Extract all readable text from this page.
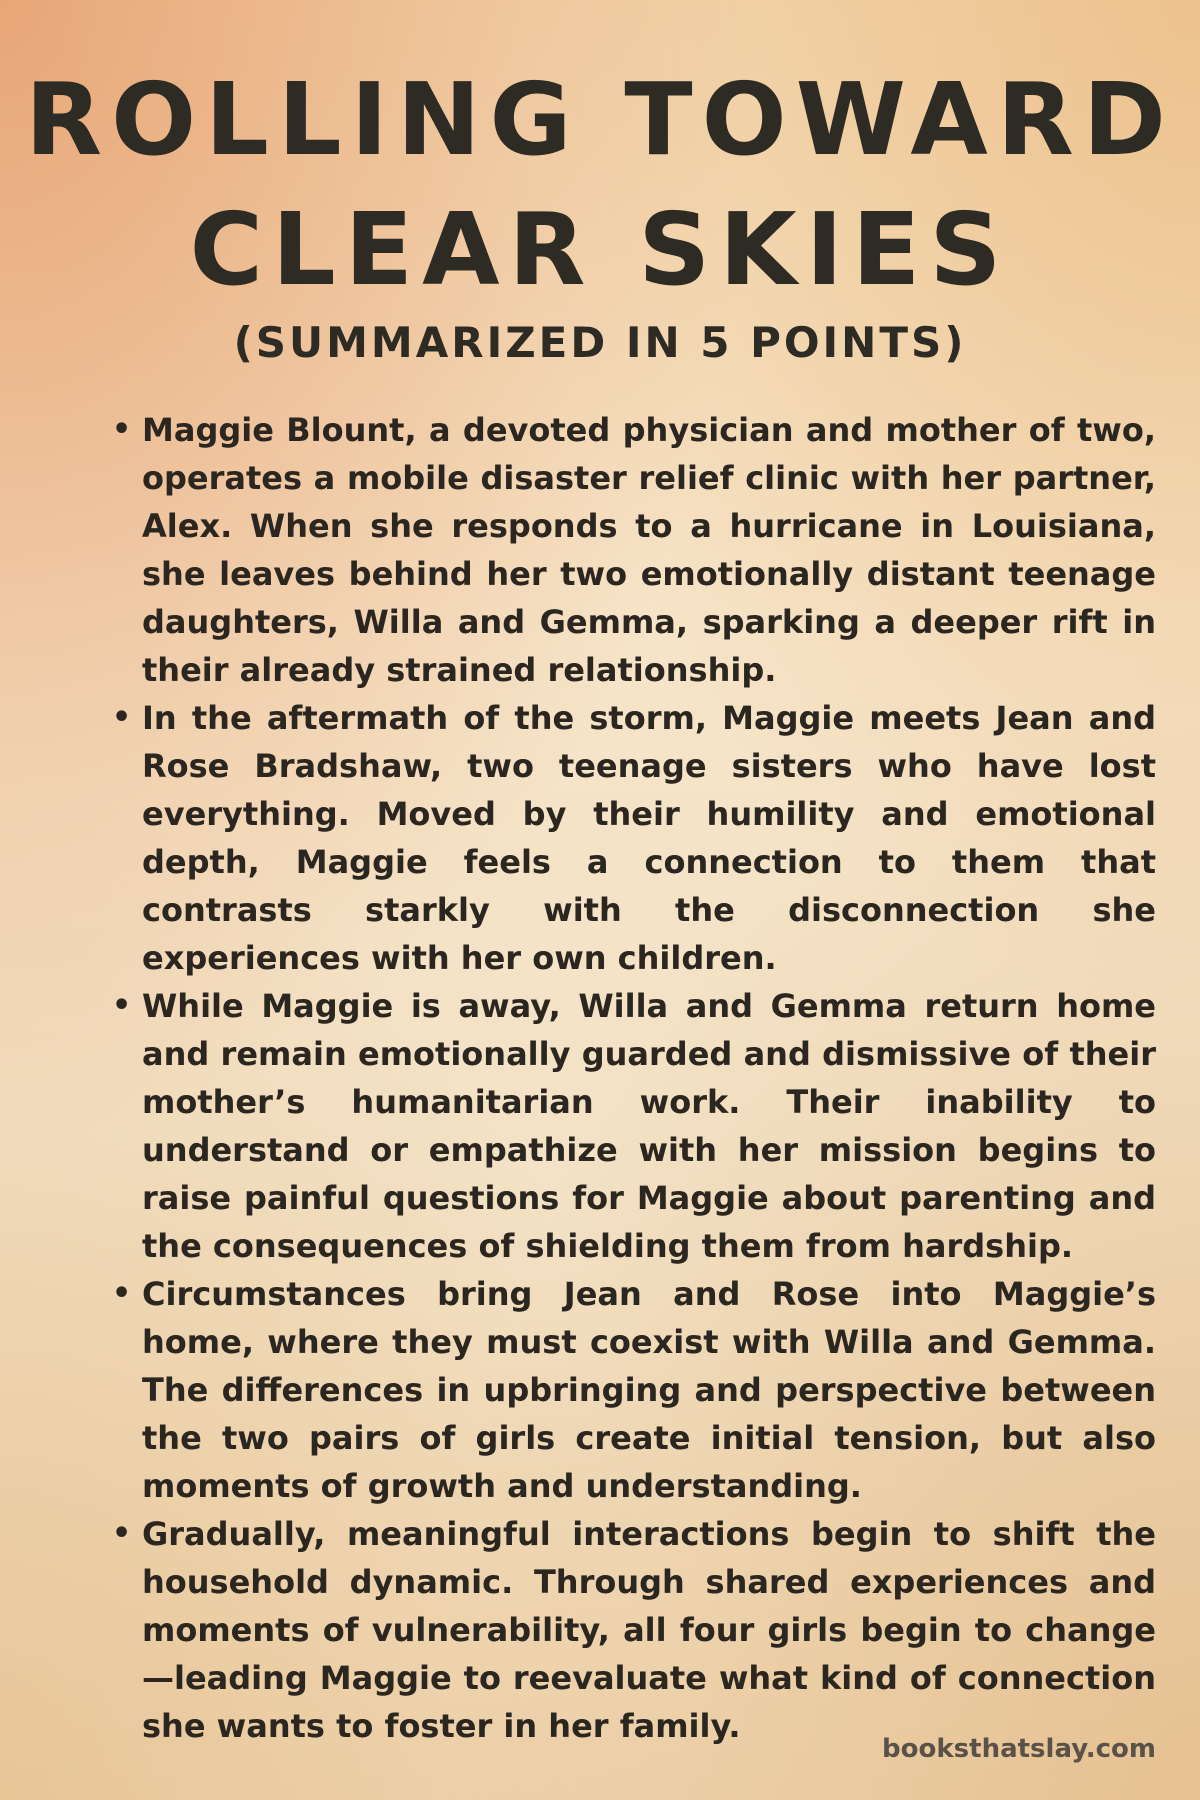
ROLLING TOWARD
CLEAR SKIES
(SUMMARIZED IN 5 POINTS)
• Maggie Blount, a devoted physician and mother of two, operates a mobile disaster relief clinic with her partner, Alex. When she responds to a hurricane in Louisiana, she leaves behind her two emotionally distant teenage daughters, Willa and Gemma, sparking a deeper rift in their already strained relationship.
• In the aftermath of the storm, Maggie meets Jean and Rose Bradshaw, two teenage sisters who have lost everything. Moved by their humility and emotional depth, Maggie feels a connection to them that contrasts starkly with the disconnection she experiences with her own children.
• While Maggie is away, Willa and Gemma return home and remain emotionally guarded and dismissive of their mother’s humanitarian work. Their inability to understand or empathize with her mission begins to raise painful questions for Maggie about parenting and the consequences of shielding them from hardship.
• Circumstances bring Jean and Rose into Maggie’s home, where they must coexist with Willa and Gemma. The differences in upbringing and perspective between the two pairs of girls create initial tension, but also moments of growth and understanding.
• Gradually, meaningful interactions begin to shift the household dynamic. Through shared experiences and moments of vulnerability, all four girls begin to change—leading Maggie to reevaluate what kind of connection she wants to foster in her family.
booksthatslay.com
